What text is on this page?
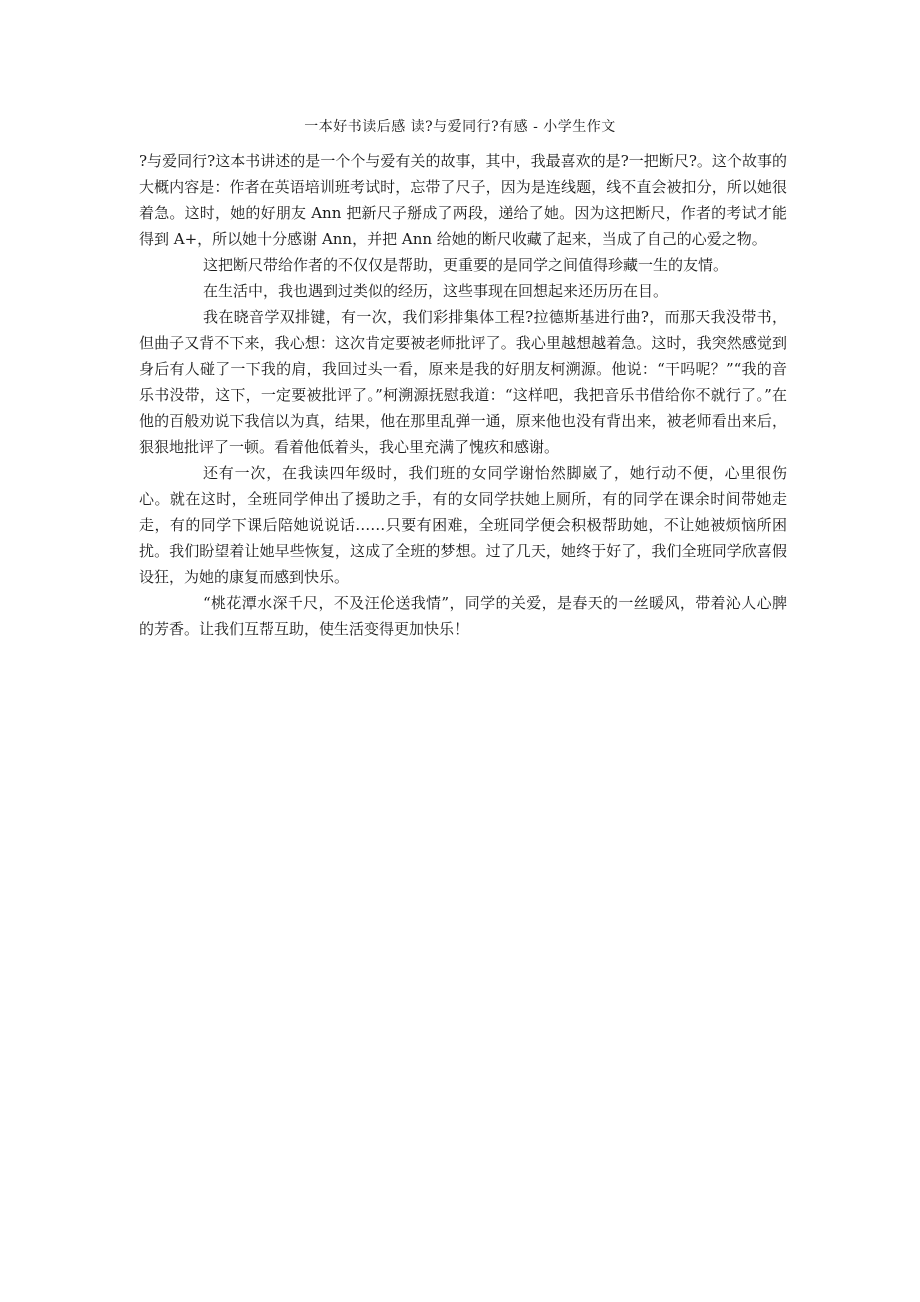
一本好书读后感 读?与爱同行?有感 - 小学生作文

?与爱同行?这本书讲述的是一个个与爱有关的故事，其中，我最喜欢的是?一把断尺?。这个故事的大概内容是：作者在英语培训班考试时，忘带了尺子，因为是连线题，线不直会被扣分，所以她很着急。这时，她的好朋友 Ann 把新尺子掰成了两段，递给了她。因为这把断尺，作者的考试才能得到 A+，所以她十分感谢 Ann，并把 Ann 给她的断尺收藏了起来，当成了自己的心爱之物。

这把断尺带给作者的不仅仅是帮助，更重要的是同学之间值得珍藏一生的友情。

在生活中，我也遇到过类似的经历，这些事现在回想起来还历历在目。

我在晓音学双排键，有一次，我们彩排集体工程?拉德斯基进行曲?，而那天我没带书，但曲子又背不下来，我心想：这次肯定要被老师批评了。我心里越想越着急。这时，我突然感觉到身后有人碰了一下我的肩，我回过头一看，原来是我的好朋友柯溯源。他说：“干吗呢？”“我的音乐书没带，这下，一定要被批评了。”柯溯源抚慰我道：“这样吧，我把音乐书借给你不就行了。”在他的百般劝说下我信以为真，结果，他在那里乱弹一通，原来他也没有背出来，被老师看出来后，狠狠地批评了一顿。看着他低着头，我心里充满了愧疚和感谢。

还有一次，在我读四年级时，我们班的女同学谢怡然脚崴了，她行动不便，心里很伤心。就在这时，全班同学伸出了援助之手，有的女同学扶她上厕所，有的同学在课余时间带她走走，有的同学下课后陪她说说话……只要有困难，全班同学便会积极帮助她，不让她被烦恼所困扰。我们盼望着让她早些恢复，这成了全班的梦想。过了几天，她终于好了，我们全班同学欣喜假设狂，为她的康复而感到快乐。

“桃花潭水深千尺，不及汪伦送我情”，同学的关爱，是春天的一丝暖风，带着沁人心脾的芳香。让我们互帮互助，使生活变得更加快乐！
